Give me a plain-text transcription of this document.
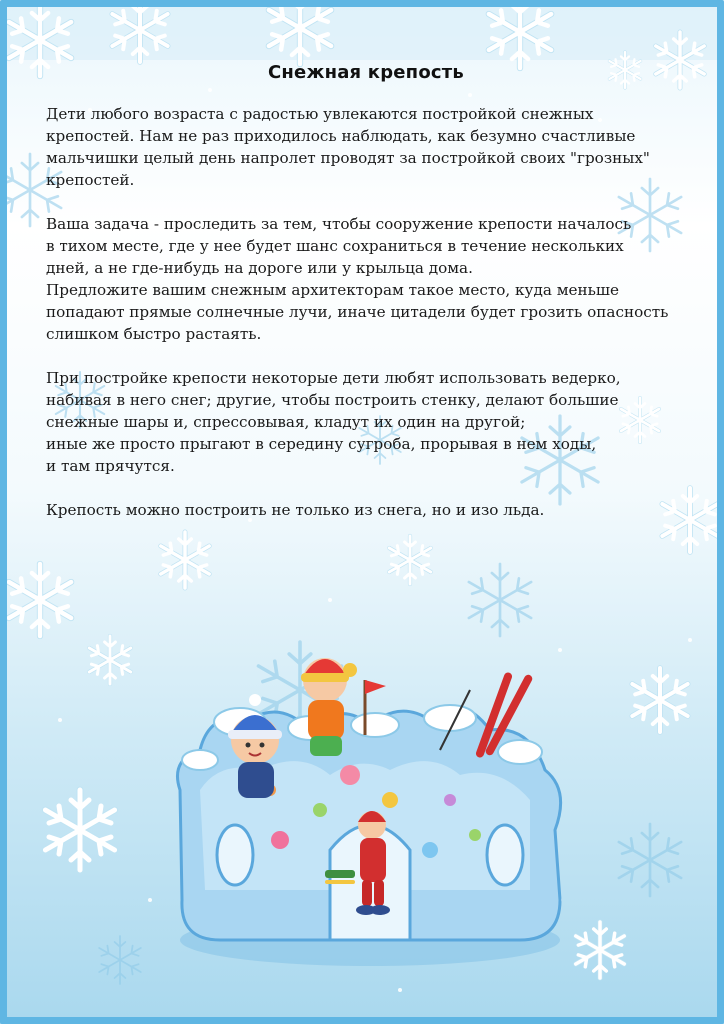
Снежная крепость

Дети любого возраста с радостью увлекаются постройкой снежных
крепостей. Нам не раз приходилось наблюдать, как безумно счастливые
мальчишки целый день напролет проводят за постройкой своих "грозных"
крепостей.

Ваша задача - проследить за тем, чтобы сооружение крепости началось
в тихом месте, где у нее будет шанс сохраниться в течение нескольких
дней, а не где-нибудь на дороге или у крыльца дома.
Предложите вашим снежным архитекторам такое место, куда меньше
попадают прямые солнечные лучи, иначе цитадели будет грозить опасность
слишком быстро растаять.

При постройке крепости некоторые дети любят использовать ведерко,
набивая в него снег; другие, чтобы построить стенку, делают большие
снежные шары и, спрессовывая, кладут их один на другой;
иные же просто прыгают в середину сугроба, прорывая в нем ходы,
и там прячутся.

Крепость можно построить не только из снега, но и изо льда.
